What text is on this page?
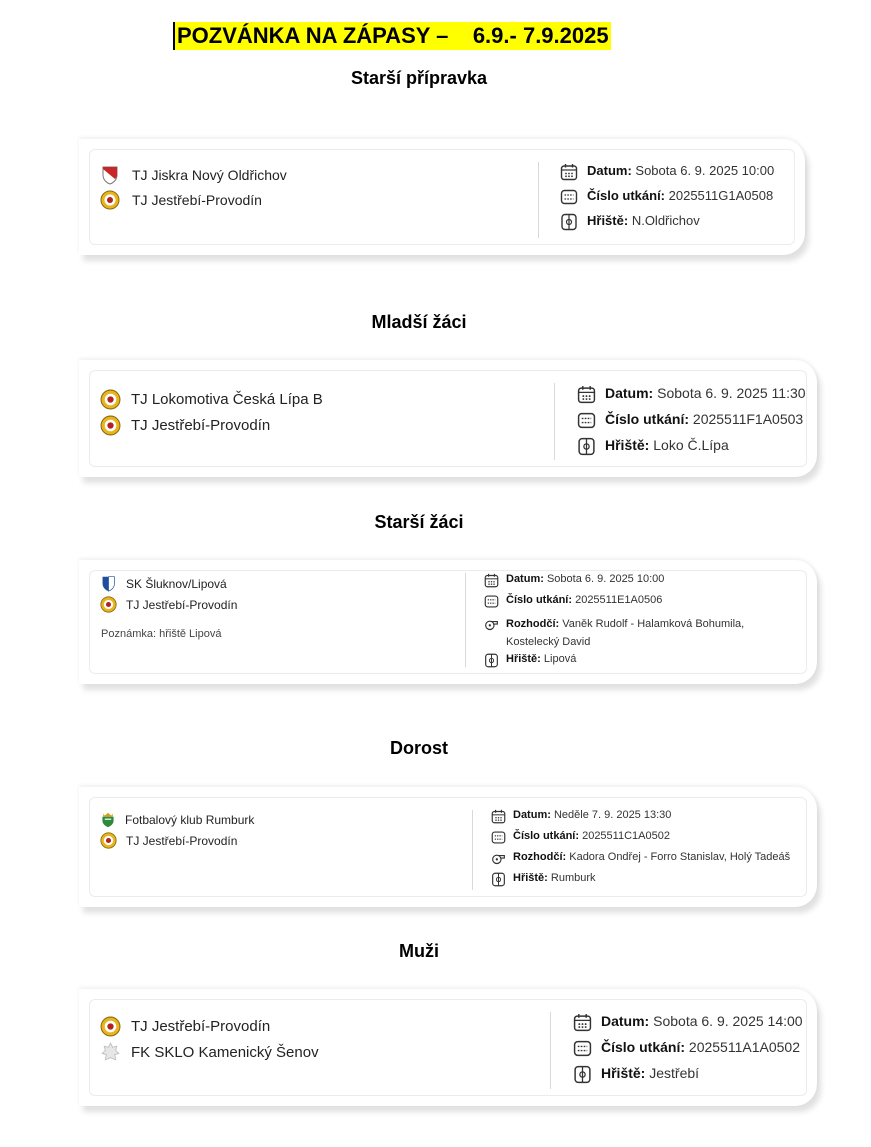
POZVÁNKA NA ZÁPASY –    6.9.- 7.9.2025
Starší přípravka
TJ Jiskra Nový Oldřichov
TJ Jestřebí-Provodín
Datum:
Sobota 6. 9. 2025 10:00
Číslo utkání:
2025511G1A0508
Hřiště:
N.Oldřichov
Mladší žáci
TJ Lokomotiva Česká Lípa B
TJ Jestřebí-Provodín
Datum:
Sobota 6. 9. 2025 11:30
Číslo utkání:
2025511F1A0503
Hřiště:
Loko Č.Lípa
Starší žáci
SK Šluknov/Lipová
TJ Jestřebí-Provodín
Poznámka: hřiště Lipová
Datum:
Sobota 6. 9. 2025 10:00
Číslo utkání:
2025511E1A0506
Rozhodčí: Vaněk Rudolf - Halamková Bohumila, Kostelecký David
Hřiště:
Lipová
Dorost
Fotbalový klub Rumburk
TJ Jestřebí-Provodín
Datum:
Neděle 7. 9. 2025 13:30
Číslo utkání:
2025511C1A0502
Rozhodčí:
Kadora Ondřej - Forro Stanislav, Holý Tadeáš
Hřiště:
Rumburk
Muži
TJ Jestřebí-Provodín
FK SKLO Kamenický Šenov
Datum:
Sobota 6. 9. 2025 14:00
Číslo utkání:
2025511A1A0502
Hřiště:
Jestřebí
